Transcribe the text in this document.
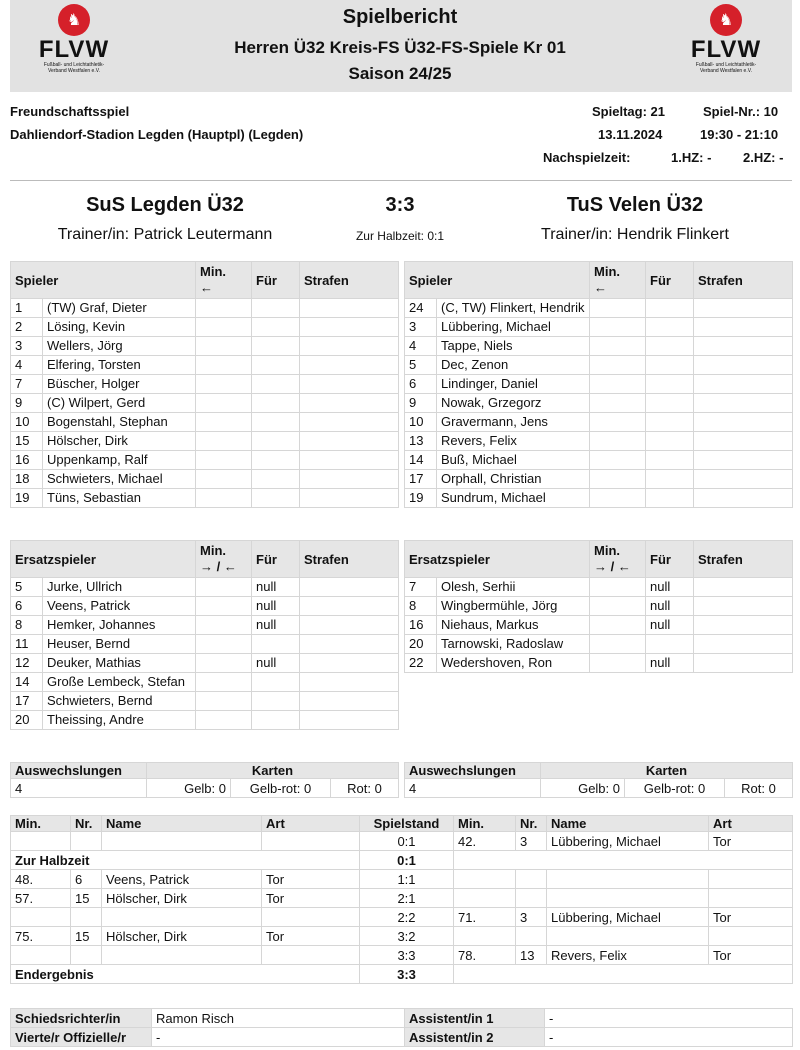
♞
FLVW
Fußball- und Leichtathletik-Verband Westfalen e.V.
♞
FLVW
Fußball- und Leichtathletik-Verband Westfalen e.V.
Spielbericht
Herren Ü32 Kreis-FS Ü32-FS-Spiele Kr 01
Saison 24/25
Freundschaftsspiel
Dahliendorf-Stadion Legden (Hauptpl) (Legden)
Spieltag: 21	Spiel-Nr.: 10
13.11.2024	19:30 - 21:10
Nachspielzeit:	1.HZ: - 2.HZ: -
SuS Legden Ü32	3:3	TuS Velen Ü32
Trainer/in: Patrick Leutermann	Zur Halbzeit: 0:1	Trainer/in: Hendrik Flinkert
Spieler		Min.
←	Für	Strafen
1	(TW) Graf, Dieter			
2	Lösing, Kevin			
3	Wellers, Jörg			
4	Elfering, Torsten			
7	Büscher, Holger			
9	(C) Wilpert, Gerd			
10	Bogenstahl, Stephan			
15	Hölscher, Dirk			
16	Uppenkamp, Ralf			
18	Schwieters, Michael			
19	Tüns, Sebastian			
Spieler		Min.
←	Für	Strafen
24	(C, TW) Flinkert, Hendrik			
3	Lübbering, Michael			
4	Tappe, Niels			
5	Dec, Zenon			
6	Lindinger, Daniel			
9	Nowak, Grzegorz			
10	Gravermann, Jens			
13	Revers, Felix			
14	Buß, Michael			
17	Orphall, Christian			
19	Sundrum, Michael			
Ersatzspieler		Min.
→ / ←	Für	Strafen
5	Jurke, Ullrich		null	
6	Veens, Patrick		null	
8	Hemker, Johannes		null	
11	Heuser, Bernd			
12	Deuker, Mathias		null	
14	Große Lembeck, Stefan			
17	Schwieters, Bernd			
20	Theissing, Andre			
Ersatzspieler		Min.
→ / ←	Für	Strafen
7	Olesh, Serhii		null	
8	Wingbermühle, Jörg		null	
16	Niehaus, Markus		null	
20	Tarnowski, Radoslaw			
22	Wedershoven, Ron		null	
Auswechslungen	Karten		
4	Gelb: 0	Gelb-rot: 0	Rot: 0
Auswechslungen	Karten		
4	Gelb: 0	Gelb-rot: 0	Rot: 0
Min.	Nr.	Name	Art	Spielstand	Min.	Nr.	Name	Art
				0:1	42.	3	Lübbering, Michael	Tor
Zur Halbzeit				0:1				
48.	6	Veens, Patrick	Tor	1:1				
57.	15	Hölscher, Dirk	Tor	2:1				
				2:2	71.	3	Lübbering, Michael	Tor
75.	15	Hölscher, Dirk	Tor	3:2				
				3:3	78.	13	Revers, Felix	Tor
Endergebnis				3:3				
Schiedsrichter/in	Ramon Risch	Assistent/in 1	-
Vierte/r Offizielle/r	-	Assistent/in 2	-
